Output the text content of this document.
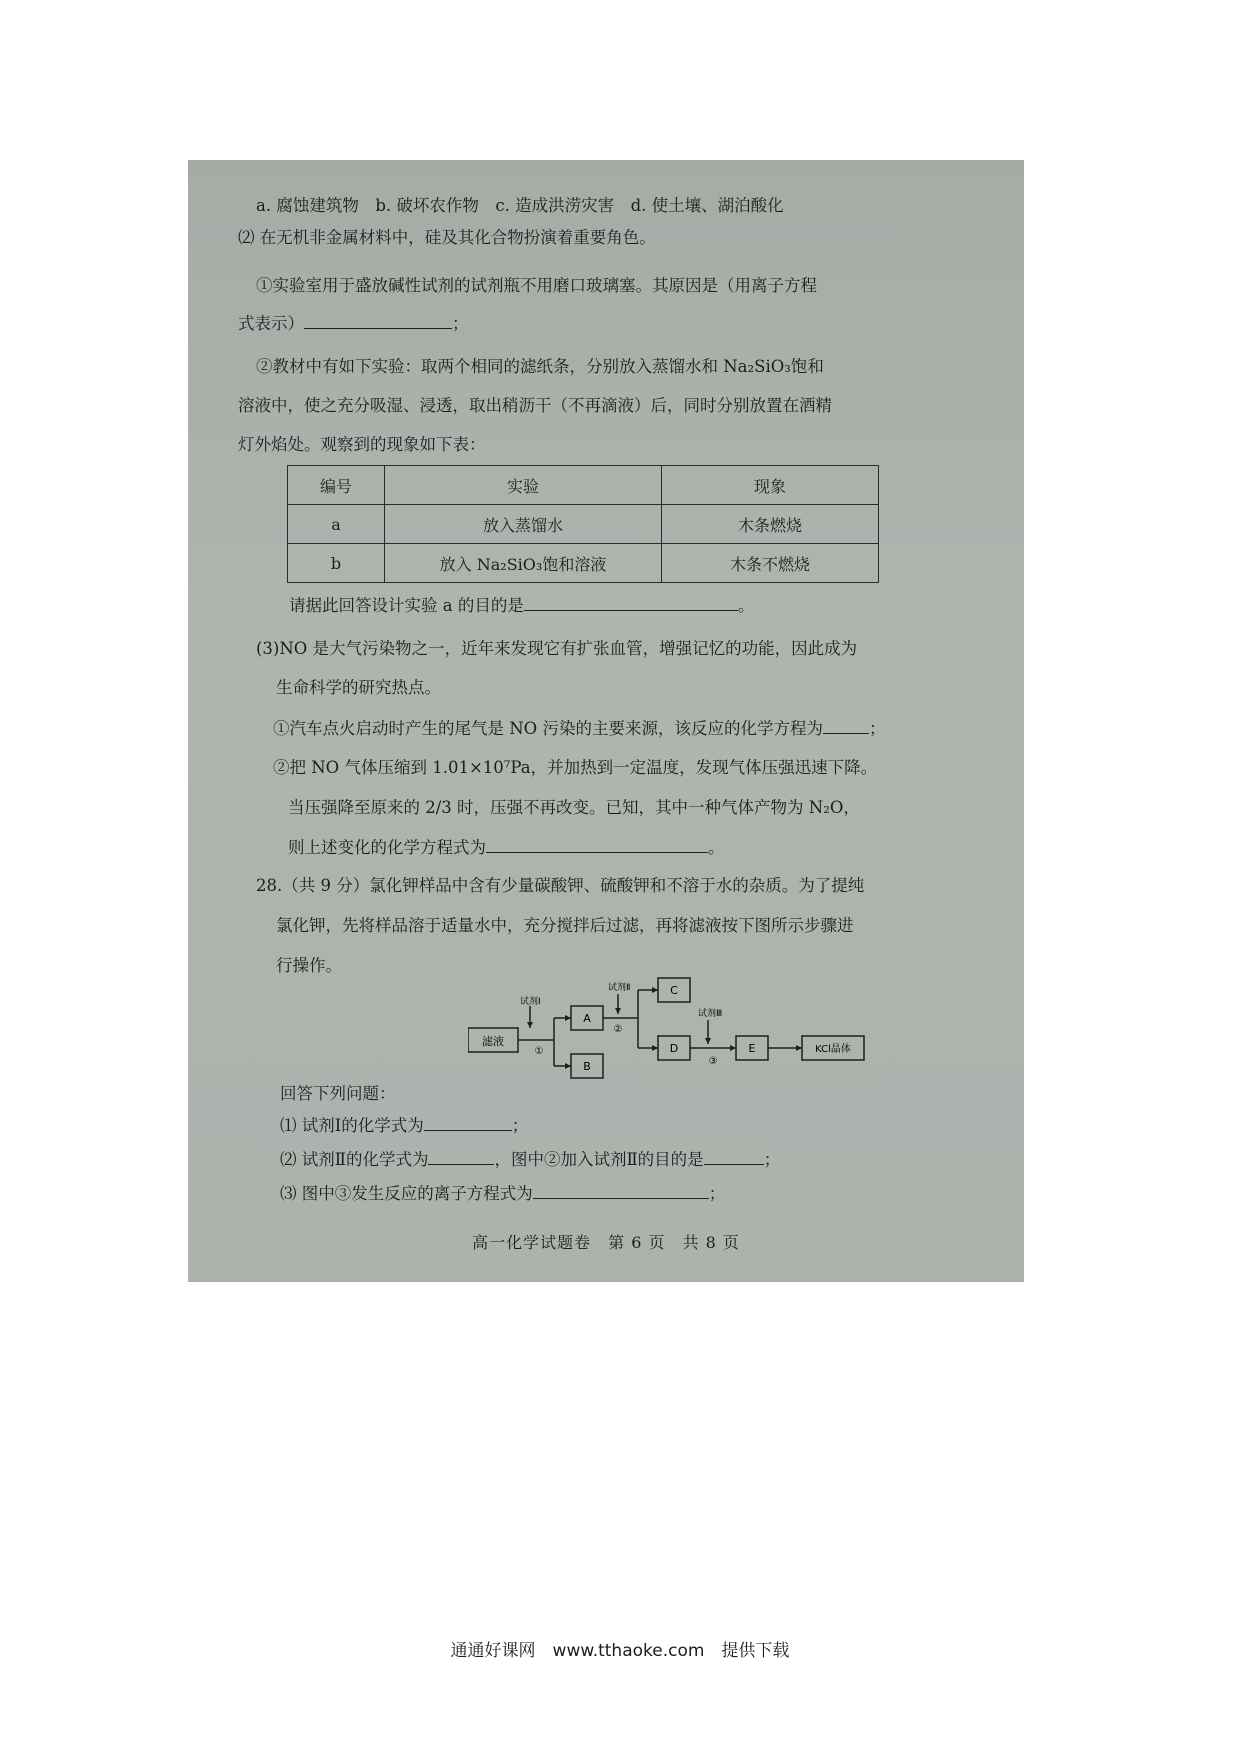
a. 腐蚀建筑物　b. 破坏农作物　c. 造成洪涝灾害　d. 使土壤、湖泊酸化
⑵ 在无机非金属材料中，硅及其化合物扮演着重要角色。
①实验室用于盛放碱性试剂的试剂瓶不用磨口玻璃塞。其原因是（用离子方程
式表示）	；
②教材中有如下实验：取两个相同的滤纸条，分别放入蒸馏水和 Na₂SiO₃饱和
溶液中，使之充分吸湿、浸透，取出稍沥干（不再滴液）后，同时分别放置在酒精
灯外焰处。观察到的现象如下表：
编号	实验	现象
a	放入蒸馏水	木条燃烧
b	放入 Na₂SiO₃饱和溶液	木条不燃烧
请据此回答设计实验 a 的目的是	。
(3)NO 是大气污染物之一，近年来发现它有扩张血管，增强记忆的功能，因此成为
生命科学的研究热点。
①汽车点火启动时产生的尾气是 NO 污染的主要来源，该反应的化学方程为	；
②把 NO 气体压缩到 1.01×10⁷Pa，并加热到一定温度，发现气体压强迅速下降。
当压强降至原来的 2/3 时，压强不再改变。已知，其中一种气体产物为 N₂O，
则上述变化的化学方程式为	。
28.（共 9 分）氯化钾样品中含有少量碳酸钾、硫酸钾和不溶于水的杂质。为了提纯
氯化钾，先将样品溶于适量水中，充分搅拌后过滤，再将滤液按下图所示步骤进
行操作。
滤液
试剂Ⅰ
①
A
B
试剂Ⅱ
②
C
D
试剂Ⅲ
③
E	KCl晶体
回答下列问题：
⑴ 试剂Ⅰ的化学式为	；
⑵ 试剂Ⅱ的化学式为	，图中②加入试剂Ⅱ的目的是	；
⑶ 图中③发生反应的离子方程式为	；
高一化学试题卷　第 6 页　共 8 页
通通好课网　www.tthaoke.com　提供下载
